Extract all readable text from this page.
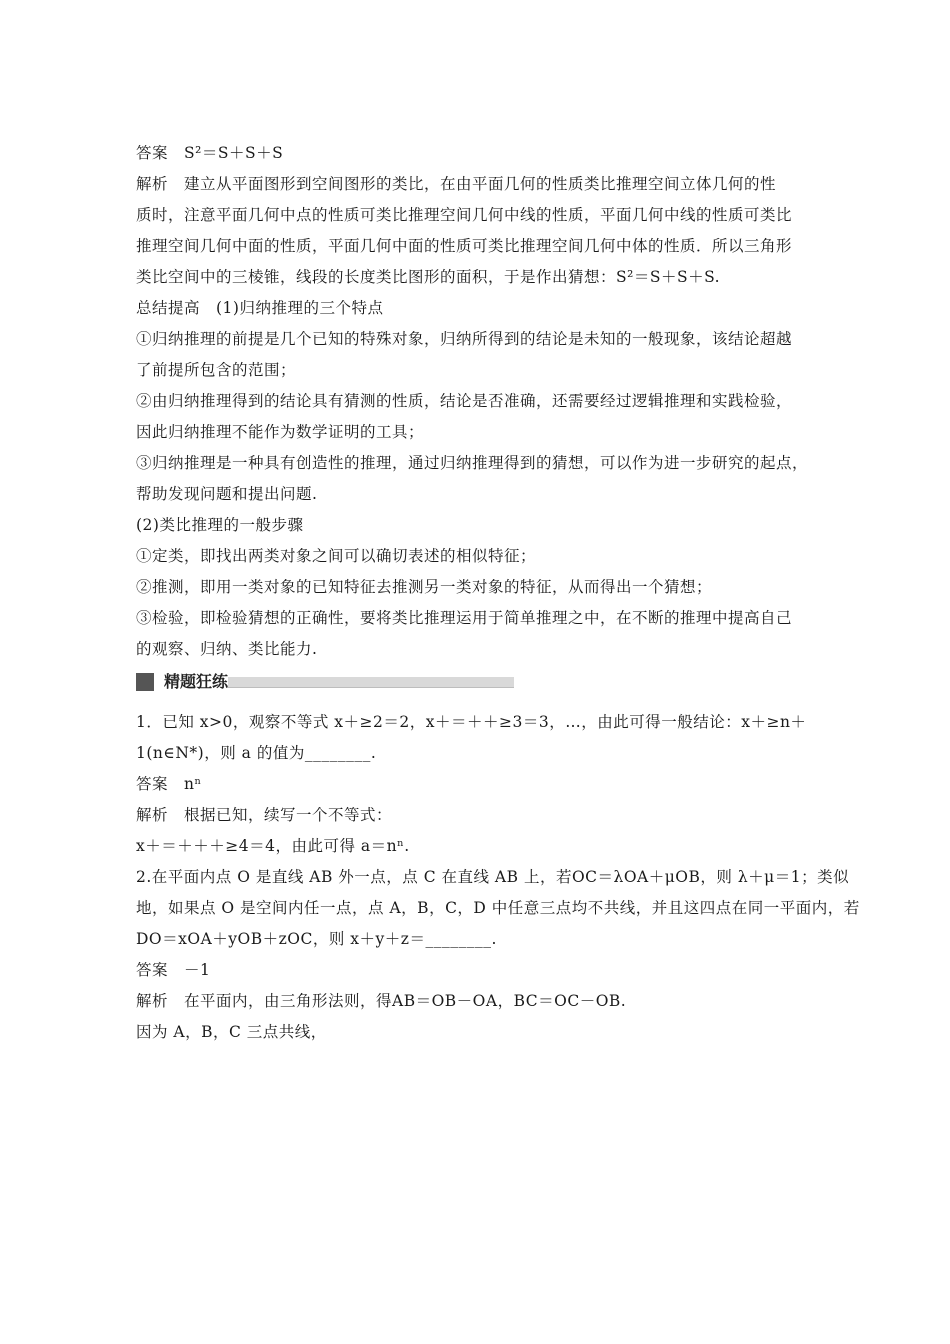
答案　S²＝S＋S＋S
解析　建立从平面图形到空间图形的类比，在由平面几何的性质类比推理空间立体几何的性
质时，注意平面几何中点的性质可类比推理空间几何中线的性质，平面几何中线的性质可类比
推理空间几何中面的性质，平面几何中面的性质可类比推理空间几何中体的性质．所以三角形
类比空间中的三棱锥，线段的长度类比图形的面积，于是作出猜想：S²＝S＋S＋S.
总结提高　(1)归纳推理的三个特点
①归纳推理的前提是几个已知的特殊对象，归纳所得到的结论是未知的一般现象，该结论超越
了前提所包含的范围；
②由归纳推理得到的结论具有猜测的性质，结论是否准确，还需要经过逻辑推理和实践检验，
因此归纳推理不能作为数学证明的工具；
③归纳推理是一种具有创造性的推理，通过归纳推理得到的猜想，可以作为进一步研究的起点，
帮助发现问题和提出问题.
(2)类比推理的一般步骤
①定类，即找出两类对象之间可以确切表述的相似特征；
②推测，即用一类对象的已知特征去推测另一类对象的特征，从而得出一个猜想；
③检验，即检验猜想的正确性，要将类比推理运用于简单推理之中，在不断的推理中提高自己
的观察、归纳、类比能力.
精题狂练
1．已知 x>0，观察不等式 x＋≥2＝2，x＋＝＋＋≥3＝3，…，由此可得一般结论：x＋≥n＋
1(n∈N*)，则 a 的值为________.
答案　nⁿ
解析　根据已知，续写一个不等式：
x＋＝＋＋＋≥4＝4，由此可得 a＝nⁿ.
2.在平面内点 O 是直线 AB 外一点，点 C 在直线 AB 上，若OC＝λOA＋μOB，则 λ＋μ＝1；类似
地，如果点 O 是空间内任一点，点 A，B，C，D 中任意三点均不共线，并且这四点在同一平面内，若
DO＝xOA＋yOB＋zOC，则 x＋y＋z＝________.
答案　－1
解析　在平面内，由三角形法则，得AB＝OB－OA，BC＝OC－OB.
因为 A，B，C 三点共线，
